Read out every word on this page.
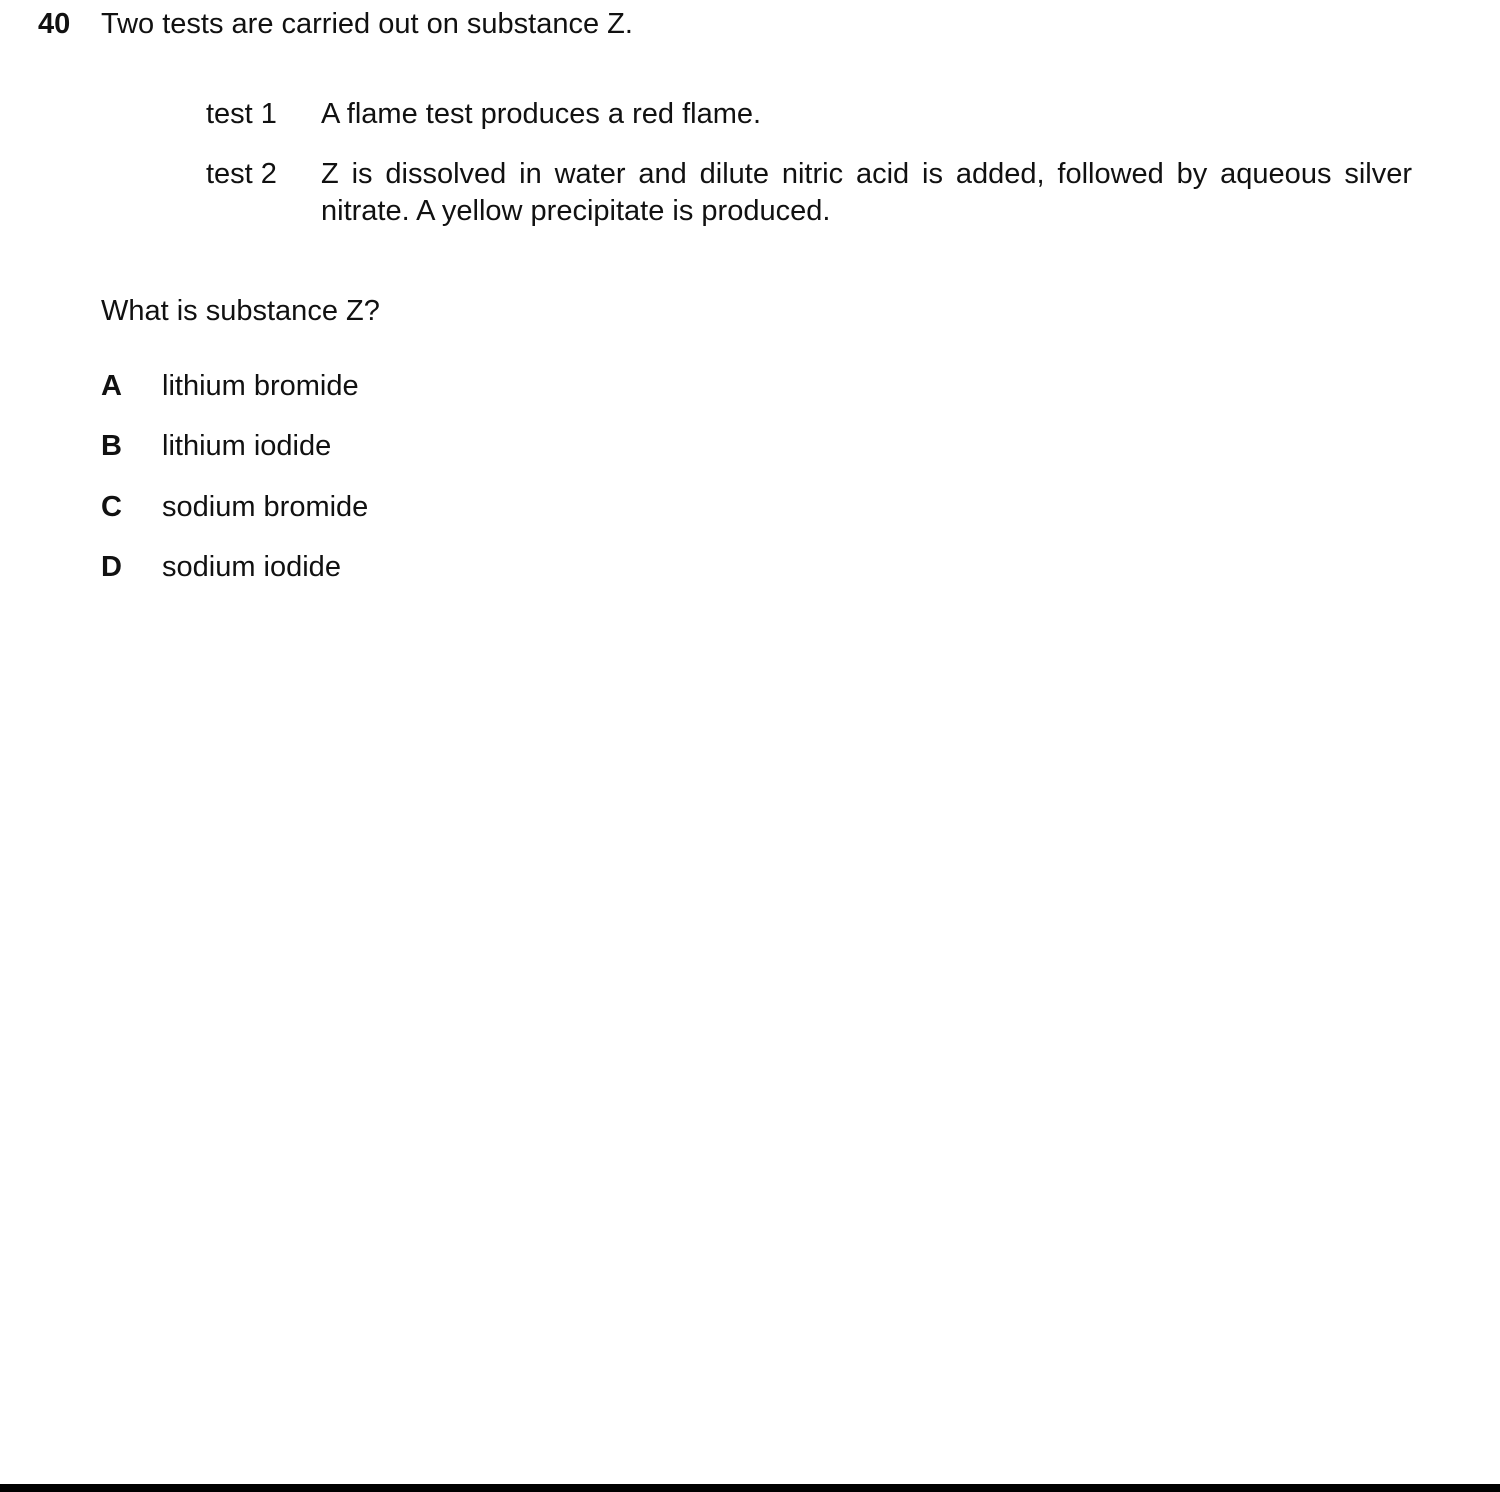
40 Two tests are carried out on substance Z.
test 1	A flame test produces a red flame.
test 2	Z is dissolved in water and dilute nitric acid is added, followed by aqueous silver nitrate. A yellow precipitate is produced.
What is substance Z?
A lithium bromide
B lithium iodide
C sodium bromide
D sodium iodide
